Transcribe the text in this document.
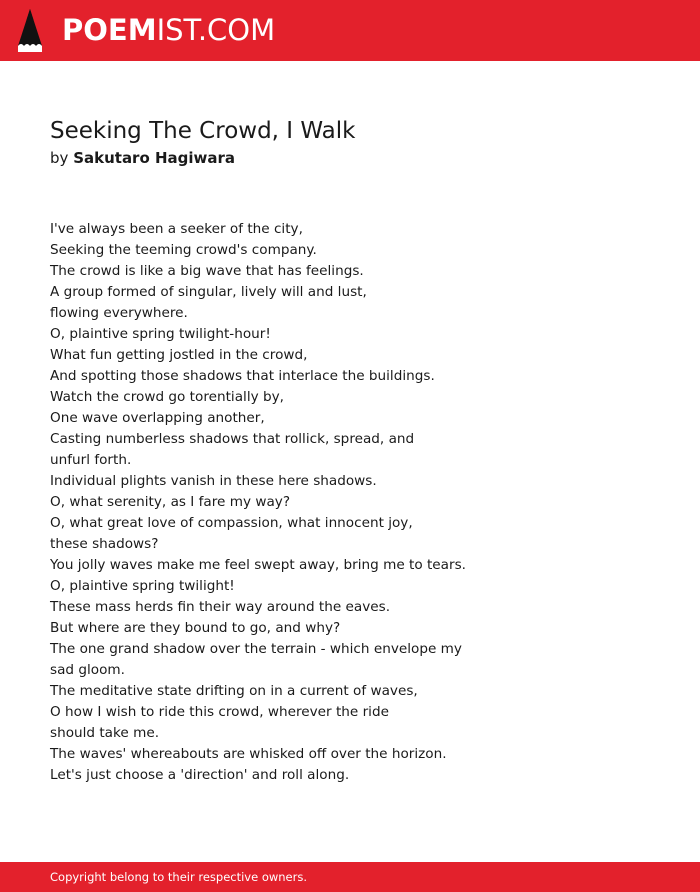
POEMIST.COM
Seeking The Crowd, I Walk
by Sakutaro Hagiwara
I've always been a seeker of the city,
Seeking the teeming crowd's company.
The crowd is like a big wave that has feelings.
A group formed of singular, lively will and lust,
flowing everywhere.
O, plaintive spring twilight-hour!
What fun getting jostled in the crowd,
And spotting those shadows that interlace the buildings.
Watch the crowd go torentially by,
One wave overlapping another,
Casting numberless shadows that rollick, spread, and
unfurl forth.
Individual plights vanish in these here shadows.
O, what serenity, as I fare my way?
O, what great love of compassion, what innocent joy,
these shadows?
You jolly waves make me feel swept away, bring me to tears.
O, plaintive spring twilight!
These mass herds fin their way around the eaves.
But where are they bound to go, and why?
The one grand shadow over the terrain - which envelope my
sad gloom.
The meditative state drifting on in a current of waves,
O how I wish to ride this crowd, wherever the ride
should take me.
The waves' whereabouts are whisked off over the horizon.
Let's just choose a 'direction' and roll along.
Copyright belong to their respective owners.
